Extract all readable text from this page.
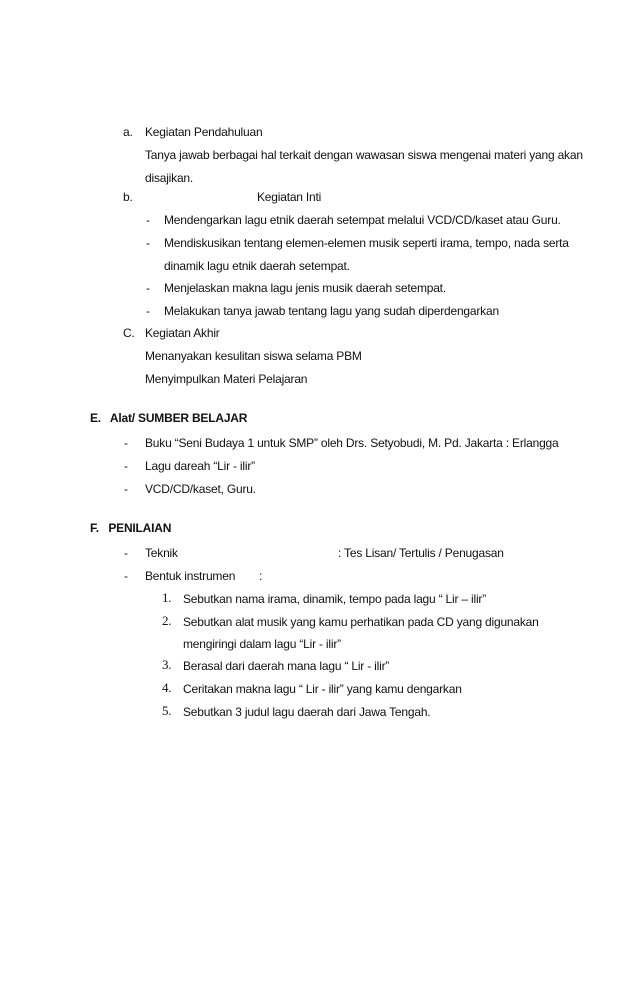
a. Kegiatan Pendahuluan
Tanya jawab berbagai hal terkait dengan wawasan siswa mengenai materi yang akan
disajikan.
b.	Kegiatan Inti
- Mendengarkan lagu etnik daerah setempat melalui VCD/CD/kaset atau Guru.
- Mendiskusikan tentang elemen-elemen musik seperti irama, tempo, nada serta
dinamik lagu etnik daerah setempat.
- Menjelaskan makna lagu jenis musik daerah setempat.
- Melakukan tanya jawab tentang lagu yang sudah diperdengarkan
C. Kegiatan Akhir
Menanyakan kesulitan siswa selama PBM
Menyimpulkan Materi Pelajaran
E.   Alat/ SUMBER BELAJAR
- Buku “Seni Budaya 1 untuk SMP” oleh Drs. Setyobudi, M. Pd. Jakarta : Erlangga
- Lagu dareah “Lir - ilir”
- VCD/CD/kaset, Guru.
F.   PENILAIAN
- Teknik	: Tes Lisan/ Tertulis / Penugasan
- Bentuk instrumen :
1. Sebutkan nama irama, dinamik, tempo pada lagu “ Lir – ilir”
2. Sebutkan alat musik yang kamu perhatikan pada CD yang digunakan
mengiringi dalam lagu “Lir - ilir”
3. Berasal dari daerah mana lagu “ Lir - ilir”
4. Ceritakan makna lagu “ Lir - ilir” yang kamu dengarkan
5. Sebutkan 3 judul lagu daerah dari Jawa Tengah.
